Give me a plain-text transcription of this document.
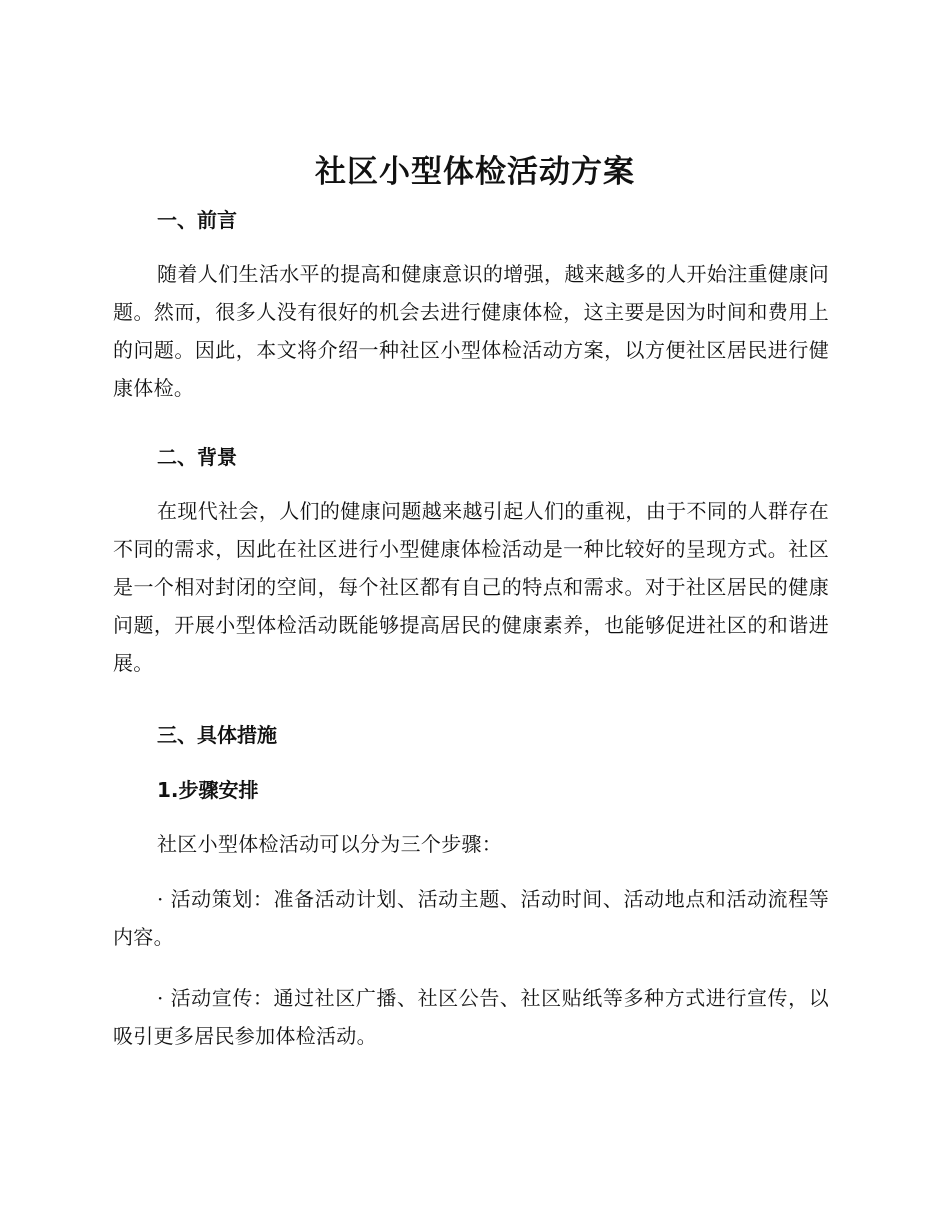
社区小型体检活动方案
一、前言

随着人们生活水平的提高和健康意识的增强，越来越多的人开始注重健康问题。然而，很多人没有很好的机会去进行健康体检，这主要是因为时间和费用上的问题。因此，本文将介绍一种社区小型体检活动方案，以方便社区居民进行健康体检。

二、背景

在现代社会，人们的健康问题越来越引起人们的重视，由于不同的人群存在不同的需求，因此在社区进行小型健康体检活动是一种比较好的呈现方式。社区是一个相对封闭的空间，每个社区都有自己的特点和需求。对于社区居民的健康问题，开展小型体检活动既能够提高居民的健康素养，也能够促进社区的和谐进展。

三、具体措施
1.步骤安排

社区小型体检活动可以分为三个步骤：

· 活动策划：准备活动计划、活动主题、活动时间、活动地点和活动流程等内容。

· 活动宣传：通过社区广播、社区公告、社区贴纸等多种方式进行宣传，以吸引更多居民参加体检活动。
